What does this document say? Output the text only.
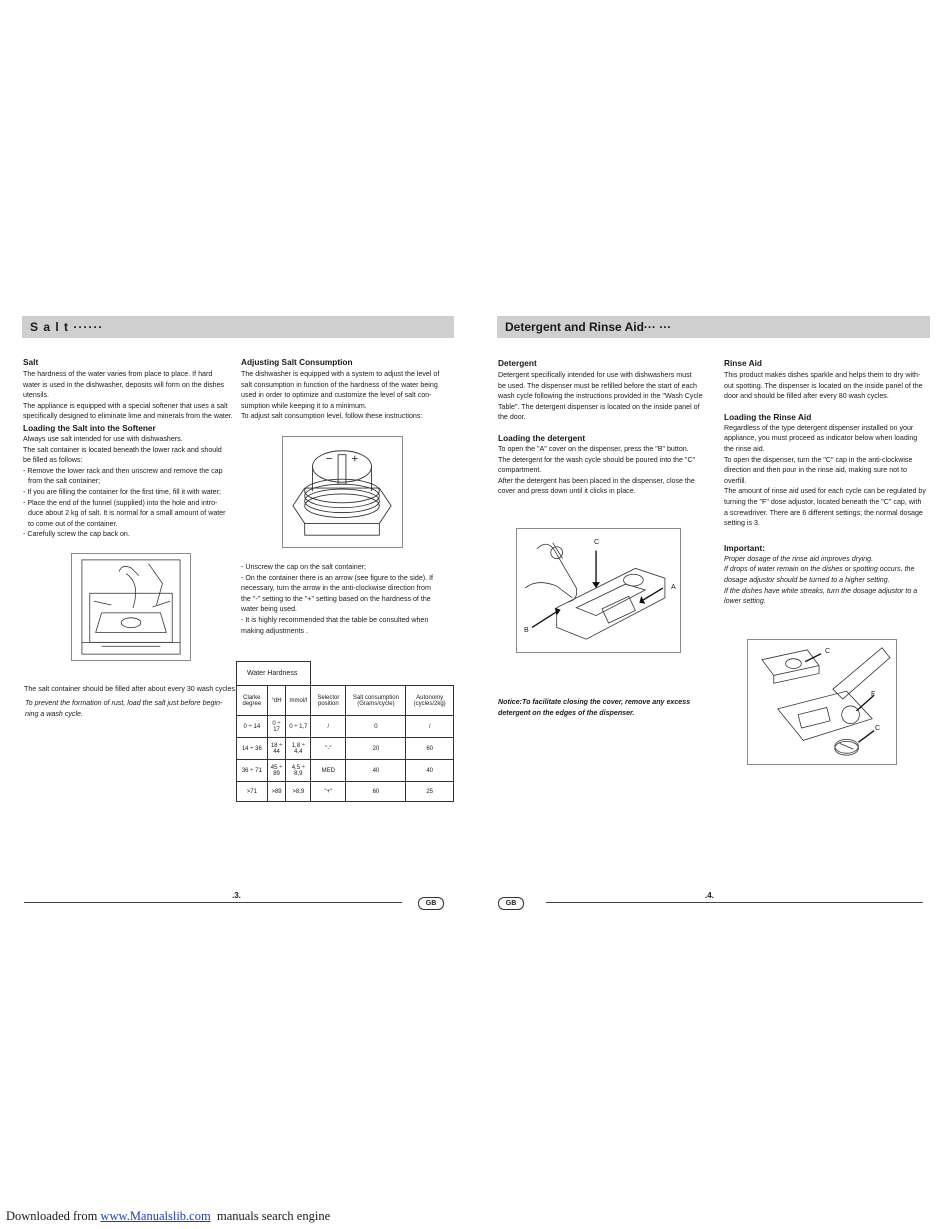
S a l t ······

Salt

The hardness of the water varies from place to place. If hard

water is used in the dishwasher, deposits will form on the dishes

utensils.

The appliance is equipped with a special softener that uses a salt

specifically designed to eliminate lime and minerals from the water.

Loading the Salt into the Softener

Always use salt intended for use with dishwashers.

The salt container is located beneath the lower rack and should

be filled as follows:

- Remove the lower rack and then unscrew and remove the cap

from the salt container;

- If you are filling the container for the first time, fill it with water;

- Place the end of the funnel (supplied) into the hole and intro-

duce about 2 kg of salt. It is normal for a small amount of water

to come out of the container.

- Carefully screw the cap back on.

The salt container should be filled after about every 30 wash cycles.

To prevent the formation of rust, load the salt just before begin-

ning a wash cycle.

Adjusting Salt Consumption

The dishwasher is equipped with a system to adjust the level of

salt consumption in function of the hardness of the water being

used in order to optimize and customize the level of salt con-

sumption while keeping it to a minimum.

To adjust salt consumption level, follow these instructions:

- Unscrew the cap on the salt container;

- On the container there is an arrow (see figure to the side). If

necessary, turn the arrow in the anti-clockwise direction from

the "-" setting to the "+" setting based on the hardness of the

water being used.

- It is highly recommended that the table be consulted when

making adjustments .

Water Hardness					
Clarke degree	°dH	mmol/l	Selector position	Salt consumption (Grams/cycle)	Autonomy (cycles/2kg)
0 ÷ 14	0 ÷ 17	0 ÷ 1,7	/	0	/
14 ÷ 36	18 ÷ 44	1,8 ÷ 4,4	"-"	20	60
36 ÷ 71	45 ÷ 89	4,5 ÷ 8,9	MED	40	40
>71	>89	>8,9	"+"	60	25
.3.
GB
Detergent and Rinse Aid··· ···

Detergent

Detergent specifically intended for use with dishwashers must

be used. The dispenser must be refilled before the start of each

wash cycle following the instructions provided in the "Wash Cycle

Table". The detergent dispenser is located on the inside panel of

the door.

Loading the detergent

To open the "A" cover on the dispenser, press the "B" button.

The detergent for the wash cycle should be poured into the "C"

compartment.

After the detergent has been placed in the dispenser, close the

cover and press down until it clicks in place.

C
A
B

Notice:To facilitate closing the cover, remove any excess

detergent on the edges of the dispenser.

Rinse Aid

This product makes dishes sparkle and helps them to dry with-

out spotting. The dispenser is located on the inside panel of the

door and should be filled after every 80 wash cycles.

Loading the Rinse Aid

Regardless of the type detergent dispenser installed on your

appliance, you must proceed as indicator below when loading

the rinse aid.

To open the dispenser, turn the "C" cap in the anti-clockwise

direction and then pour in the rinse aid, making sure not to overfill.

The amount of rinse aid used for each cycle can be regulated by

turning the "F" dose adjustor, located beneath the "C" cap, with

a screwdriver. There are 6 different settings; the normal dosage

setting is 3.

Important:

Proper dosage of the rinse aid improves drying.

If drops of water remain on the dishes or spotting occurs, the

dosage adjustor should be turned to a higher setting.

If the dishes have white streaks, turn the dosage adjustor to a

lower setting.

C
F
C
GB
.4.
Downloaded from www.Manualslib.com  manuals search engine
